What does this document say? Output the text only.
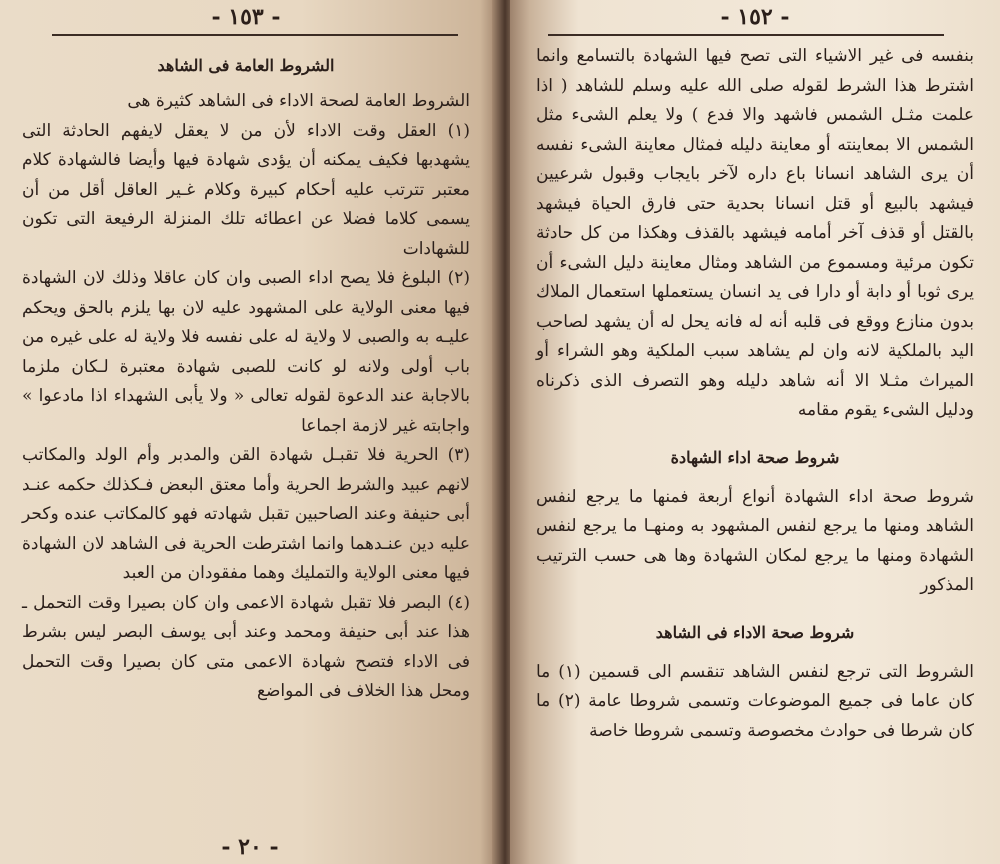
- ١٥٣ -
الشروط العامة فى الشاهد

الشروط العامة لصحة الاداء فى الشاهد كثيرة هى

(١) العقل وقت الاداء لأن من لا يعقل لايفهم الحادثة التى يشهدبها فكيف يمكنه أن يؤدى شهادة فيها وأيضا فالشهادة كلام معتبر تترتب عليه أحكام كبيرة وكلام غـير العاقل أقل من أن يسمى كلاما فضلا عن اعطائه تلك المنزلة الرفيعة التى تكون للشهادات

(٢) البلوغ فلا يصح اداء الصبى وان كان عاقلا وذلك لان الشهادة فيها معنى الولاية على المشهود عليه لان بها يلزم بالحق ويحكم عليـه به والصبى لا ولاية له على نفسه فلا ولاية له على غيره من باب أولى ولانه لو كانت للصبى شهادة معتبرة لـكان ملزما بالاجابة عند الدعوة لقوله تعالى « ولا يأبى الشهداء اذا مادعوا » واجابته غير لازمة اجماعا

(٣) الحرية فلا تقبـل شهادة القن والمدبر وأم الولد والمكاتب لانهم عبيد والشرط الحرية وأما معتق البعض فـكذلك حكمه عنـد أبى حنيفة وعند الصاحبين تقبل شهادته فهو كالمكاتب عنده وكحر عليه دين عنـدهما وانما اشترطت الحرية فى الشاهد لان الشهادة فيها معنى الولاية والتمليك وهما مفقودان من العبد

(٤) البصر فلا تقبل شهادة الاعمى وان كان بصيرا وقت التحمل ـ هذا عند أبى حنيفة ومحمد وعند أبى يوسف البصر ليس بشرط فى الاداء فتصح شهادة الاعمى متى كان بصيرا وقت التحمل ومحل هذا الخلاف فى المواضع

- ٢٠ -
- ١٥٢ -

بنفسه فى غير الاشياء التى تصح فيها الشهادة بالتسامع وانما اشترط هذا الشرط لقوله صلى الله عليه وسلم للشاهد ( اذا علمت مثـل الشمس فاشهد والا فدع ) ولا يعلم الشىء مثل الشمس الا بمعاينته أو معاينة دليله فمثال معاينة الشىء نفسه أن يرى الشاهد انسانا باع داره لآخر بايجاب وقبول شرعيين فيشهد بالبيع أو قتل انسانا بحدية حتى فارق الحياة فيشهد بالقتل أو قذف آخر أمامه فيشهد بالقذف وهكذا من كل حادثة تكون مرئية ومسموع من الشاهد ومثال معاينة دليل الشىء أن يرى ثوبا أو دابة أو دارا فى يد انسان يستعملها استعمال الملاك بدون منازع ووقع فى قلبه أنه له فانه يحل له أن يشهد لصاحب اليد بالملكية لانه وان لم يشاهد سبب الملكية وهو الشراء أو الميراث مثـلا الا أنه شاهد دليله وهو التصرف الذى ذكرناه ودليل الشىء يقوم مقامه

شروط صحة اداء الشهادة

شروط صحة اداء الشهادة أنواع أربعة فمنها ما يرجع لنفس الشاهد ومنها ما يرجع لنفس المشهود به ومنهـا ما يرجع لنفس الشهادة ومنها ما يرجع لمكان الشهادة وها هى حسب الترتيب المذكور

شروط صحة الاداء فى الشاهد

الشروط التى ترجع لنفس الشاهد تنقسم الى قسمين (١) ما كان عاما فى جميع الموضوعات وتسمى شروطا عامة (٢) ما كان شرطا فى حوادث مخصوصة وتسمى شروطا خاصة
